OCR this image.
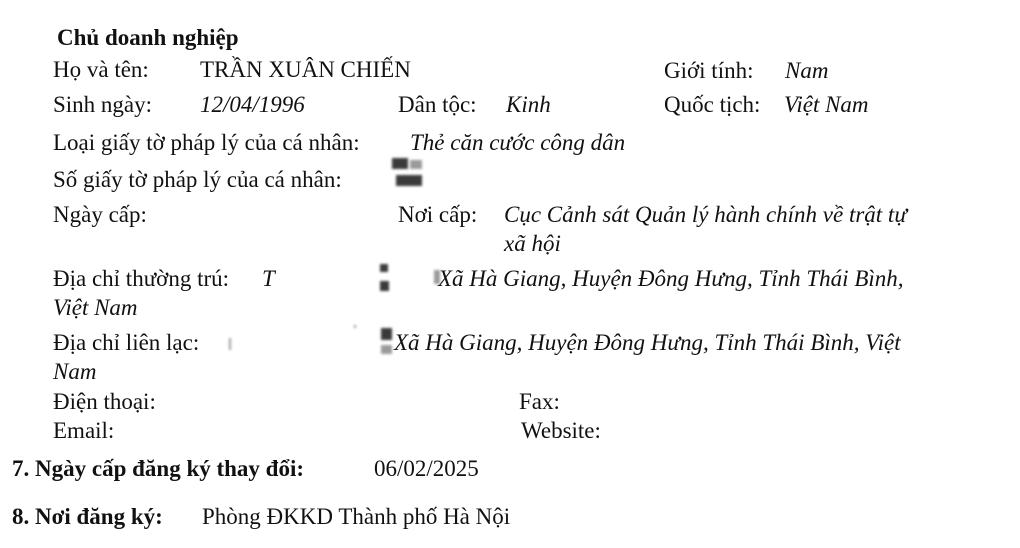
Chủ doanh nghiệp
Họ và tên: TRẦN XUÂN CHIẾN	Giới tính: Nam
Sinh ngày: 12/04/1996	Dân tộc: Kinh	Quốc tịch: Việt Nam
Loại giấy tờ pháp lý của cá nhân: Thẻ căn cước công dân
Số giấy tờ pháp lý của cá nhân:
Ngày cấp:	Nơi cấp: Cục Cảnh sát Quản lý hành chính về trật tự
xã hội
Địa chỉ thường trú: T	Xã Hà Giang, Huyện Đông Hưng, Tỉnh Thái Bình,
Việt Nam
Địa chỉ liên lạc:	Xã Hà Giang, Huyện Đông Hưng, Tỉnh Thái Bình, Việt
Nam
Điện thoại:	Fax:
Email:	Website:
7. Ngày cấp đăng ký thay đổi:	06/02/2025
8. Nơi đăng ký: Phòng ĐKKD Thành phố Hà Nội
